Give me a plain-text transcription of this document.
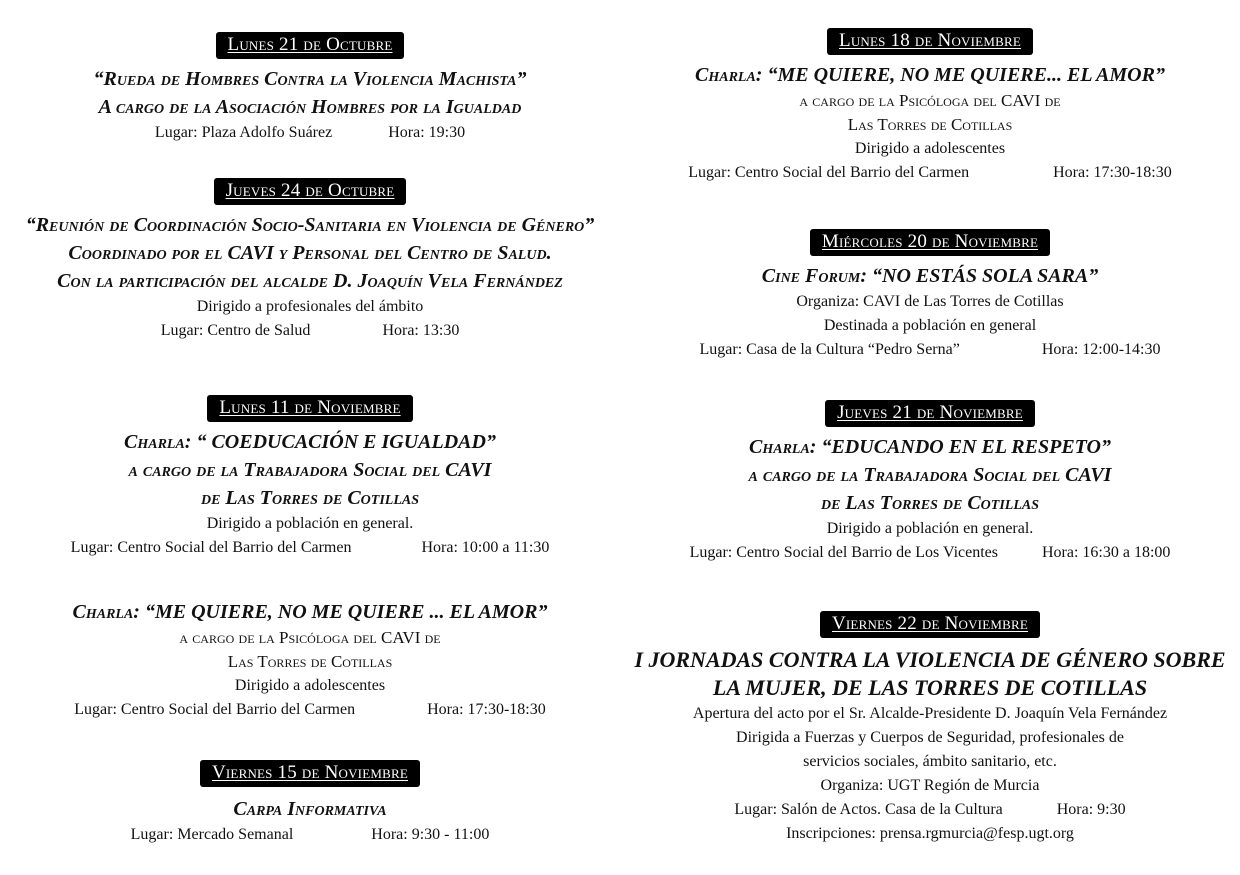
Lunes 21 de Octubre
“Rueda de Hombres Contra la Violencia Machista”
A cargo de la Asociación Hombres por la Igualdad
Lugar: Plaza Adolfo Suárez	Hora: 19:30
Jueves 24 de Octubre
“Reunión de Coordinación Socio-Sanitaria en Violencia de Género”
Coordinado por el CAVI y Personal del Centro de Salud.
Con la participación del alcalde D. Joaquín Vela Fernández
Dirigido a profesionales del ámbito
Lugar: Centro de Salud	Hora: 13:30
Lunes 11 de Noviembre
Charla: “ COEDUCACIÓN E IGUALDAD”
a cargo de la Trabajadora Social del CAVI
de Las Torres de Cotillas
Dirigido a población en general.
Lugar: Centro Social del Barrio del Carmen	Hora: 10:00 a 11:30
Charla: “ME QUIERE, NO ME QUIERE ... EL AMOR”
a cargo de la Psicóloga del CAVI de
Las Torres de Cotillas
Dirigido a adolescentes
Lugar: Centro Social del Barrio del Carmen	Hora: 17:30-18:30
Viernes 15 de Noviembre
Carpa Informativa
Lugar: Mercado Semanal	Hora: 9:30 - 11:00
Lunes 18 de Noviembre
Charla: “ME QUIERE, NO ME QUIERE... EL AMOR”
a cargo de la Psicóloga del CAVI de
Las Torres de Cotillas
Dirigido a adolescentes
Lugar: Centro Social del Barrio del Carmen	Hora: 17:30-18:30
Miércoles 20 de Noviembre
Cine Forum: “NO ESTÁS SOLA SARA”
Organiza: CAVI de Las Torres de Cotillas
Destinada a población en general
Lugar: Casa de la Cultura “Pedro Serna”	Hora: 12:00-14:30
Jueves 21 de Noviembre
Charla: “EDUCANDO EN EL RESPETO”
a cargo de la Trabajadora Social del CAVI
de Las Torres de Cotillas
Dirigido a población en general.
Lugar: Centro Social del Barrio de Los Vicentes	Hora: 16:30 a 18:00
Viernes 22 de Noviembre
I JORNADAS CONTRA LA VIOLENCIA DE GÉNERO SOBRE
LA MUJER, DE LAS TORRES DE COTILLAS
Apertura del acto por el Sr. Alcalde-Presidente D. Joaquín Vela Fernández
Dirigida a Fuerzas y Cuerpos de Seguridad, profesionales de
servicios sociales, ámbito sanitario, etc.
Organiza: UGT Región de Murcia
Lugar: Salón de Actos. Casa de la Cultura	Hora: 9:30
Inscripciones: prensa.rgmurcia@fesp.ugt.org
